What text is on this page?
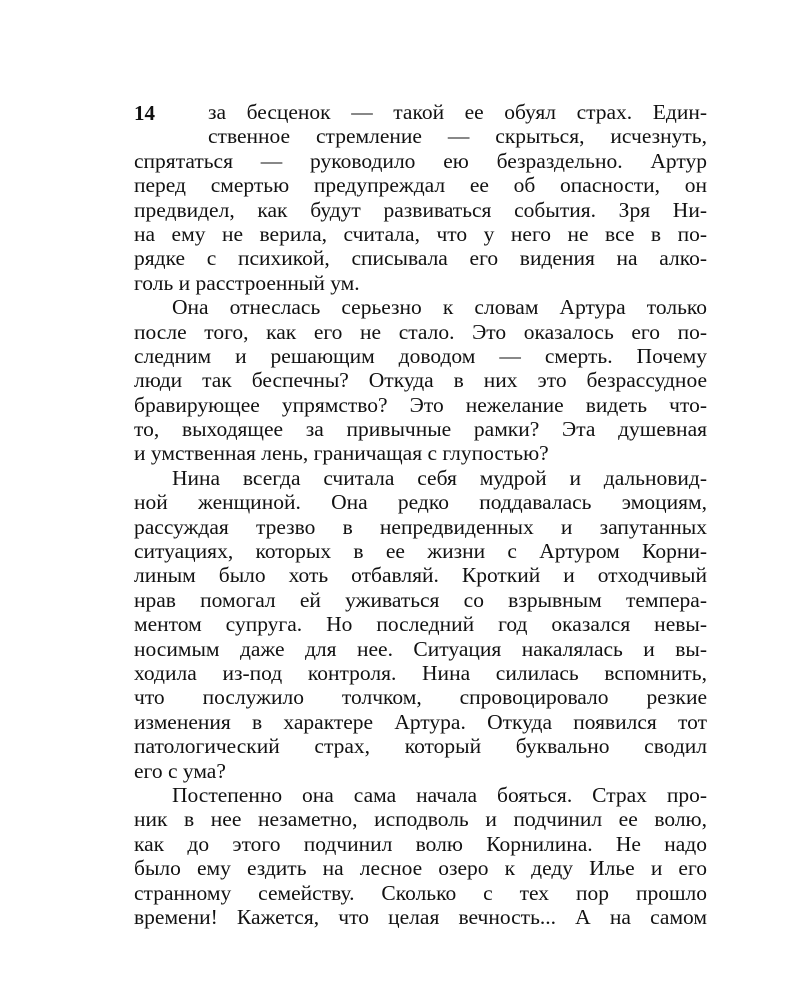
14	за бесценок — такой ее обуял страх. Един-
ственное стремление — скрыться, исчезнуть,
спрятаться — руководило ею безраздельно. Артур
перед смертью предупреждал ее об опасности, он
предвидел, как будут развиваться события. Зря Ни-
на ему не верила, считала, что у него не все в по-
рядке с психикой, списывала его видения на алко-
голь и расстроенный ум.
Она отнеслась серьезно к словам Артура только
после того, как его не стало. Это оказалось его по-
следним и решающим доводом — смерть. Почему
люди так беспечны? Откуда в них это безрассудное
бравирующее упрямство? Это нежелание видеть что-
то, выходящее за привычные рамки? Эта душевная
и умственная лень, граничащая с глупостью?
Нина всегда считала себя мудрой и дальновид-
ной женщиной. Она редко поддавалась эмоциям,
рассуждая трезво в непредвиденных и запутанных
ситуациях, которых в ее жизни с Артуром Корни-
линым было хоть отбавляй. Кроткий и отходчивый
нрав помогал ей уживаться со взрывным темпера-
ментом супруга. Но последний год оказался невы-
носимым даже для нее. Ситуация накалялась и вы-
ходила из-под контроля. Нина силилась вспомнить,
что послужило толчком, спровоцировало резкие
изменения в характере Артура. Откуда появился тот
патологический страх, который буквально сводил
его с ума?
Постепенно она сама начала бояться. Страх про-
ник в нее незаметно, исподволь и подчинил ее волю,
как до этого подчинил волю Корнилина. Не надо
было ему ездить на лесное озеро к деду Илье и его
странному семейству. Сколько с тех пор прошло
времени! Кажется, что целая вечность... А на самом
